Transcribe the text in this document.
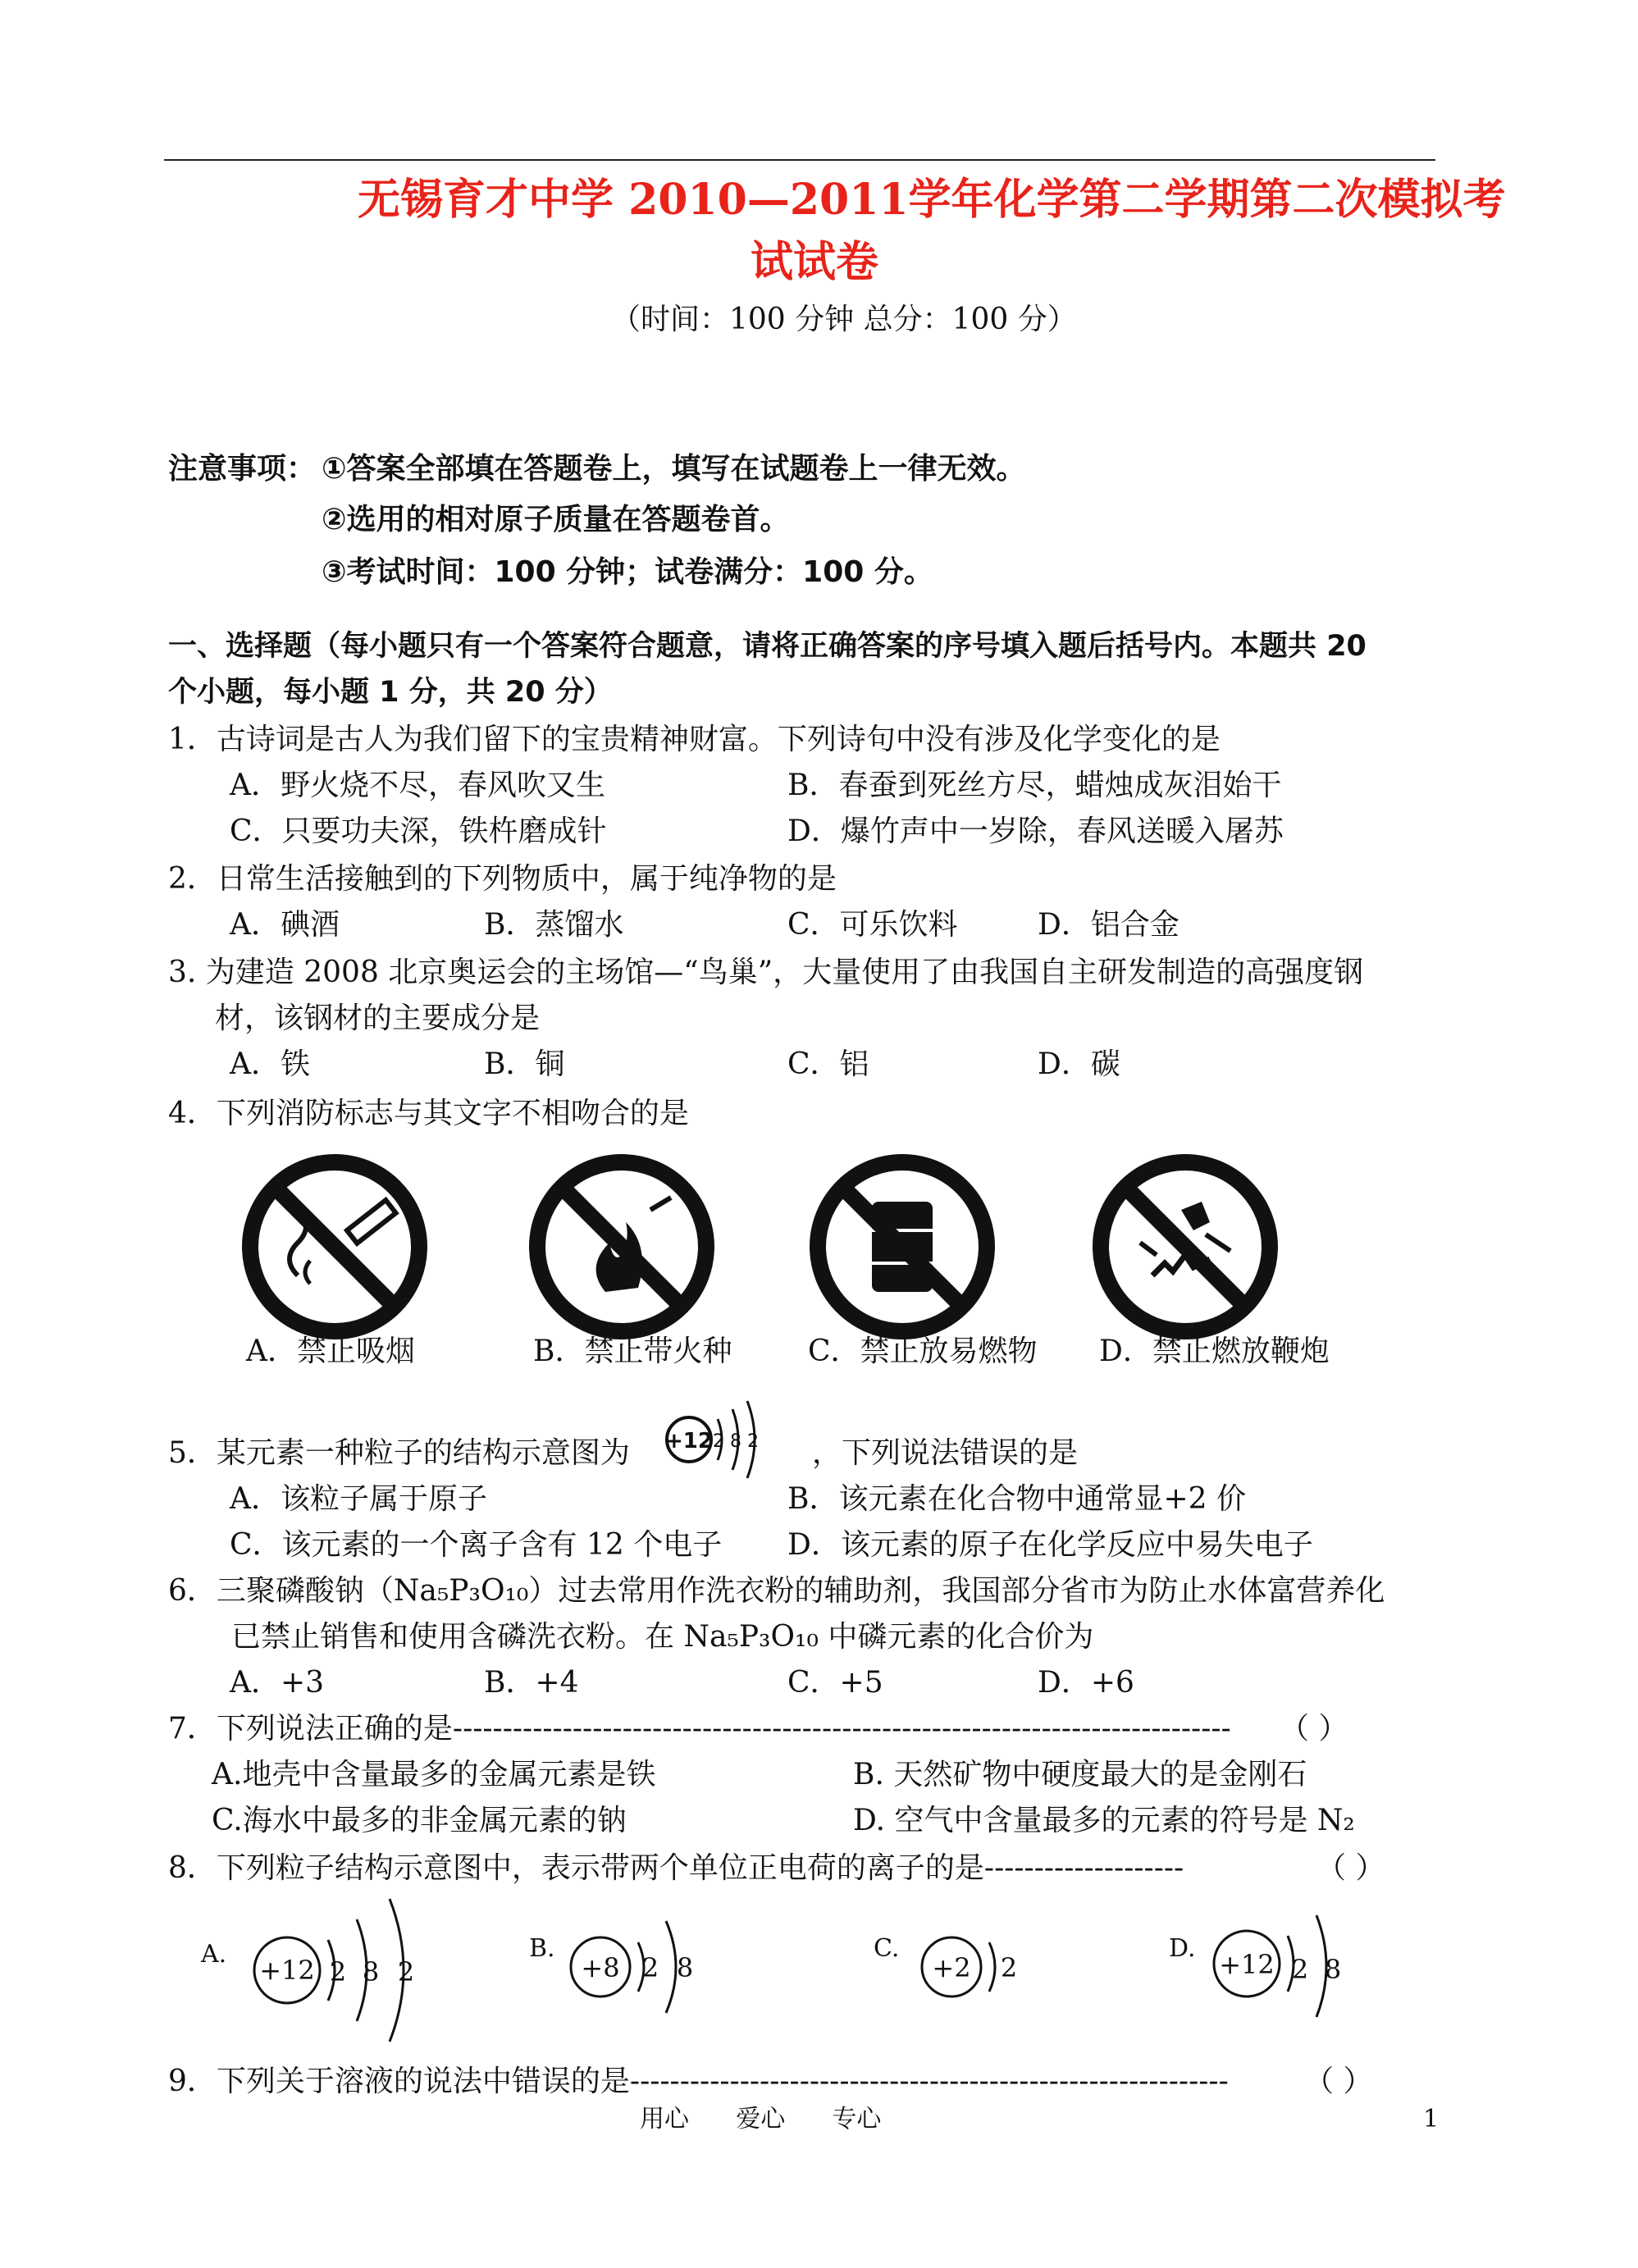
无锡育才中学 2010—2011学年化学第二学期第二次模拟考
试试卷
（时间：100 分钟 总分：100 分）
注意事项： ①答案全部填在答题卷上，填写在试题卷上一律无效。
②选用的相对原子质量在答题卷首。
③考试时间：100 分钟；试卷满分：100 分。
一、选择题（每小题只有一个答案符合题意，请将正确答案的序号填入题后括号内。本题共 20
个小题，每小题 1 分，共 20 分）
1．古诗词是古人为我们留下的宝贵精神财富。下列诗句中没有涉及化学变化的是
A．野火烧不尽，春风吹又生	B．春蚕到死丝方尽，蜡烛成灰泪始干
C．只要功夫深，铁杵磨成针	D．爆竹声中一岁除，春风送暖入屠苏
2．日常生活接触到的下列物质中，属于纯净物的是
A．碘酒	B．蒸馏水	C．可乐饮料	D．铝合金
3. 为建造 2008 北京奥运会的主场馆—“鸟巢”，大量使用了由我国自主研发制造的高强度钢
材，该钢材的主要成分是
A．铁	B．铜	C．铝	D．碳
4．下列消防标志与其文字不相吻合的是
A．禁止吸烟	B．禁止带火种	C．禁止放易燃物 D．禁止燃放鞭炮
5．某元素一种粒子的结构示意图为 +12 2 8 2 ，下列说法错误的是
A．该粒子属于原子	B．该元素在化合物中通常显+2 价
C．该元素的一个离子含有 12 个电子 D．该元素的原子在化学反应中易失电子
6．三聚磷酸钠（Na₅P₃O₁₀）过去常用作洗衣粉的辅助剂，我国部分省市为防止水体富营养化
已禁止销售和使用含磷洗衣粉。在 Na₅P₃O₁₀ 中磷元素的化合价为
A．+3	B．+4	C．+5	D．+6
7．下列说法正确的是------------------------------------------------------------------------------ （ ）
A.地壳中含量最多的金属元素是铁	B. 天然矿物中硬度最大的是金刚石
C.海水中最多的非金属元素的钠	D. 空气中含量最多的元素的符号是 N₂
8．下列粒子结构示意图中，表示带两个单位正电荷的离子的是--------------------	（ ）
A.
+12 2 8 2
B.
+8 2 8
C.
+2 2
D.
+12 2 8
9．下列关于溶液的说法中错误的是------------------------------------------------------------	（ ）
用心      爱心      专心	1
